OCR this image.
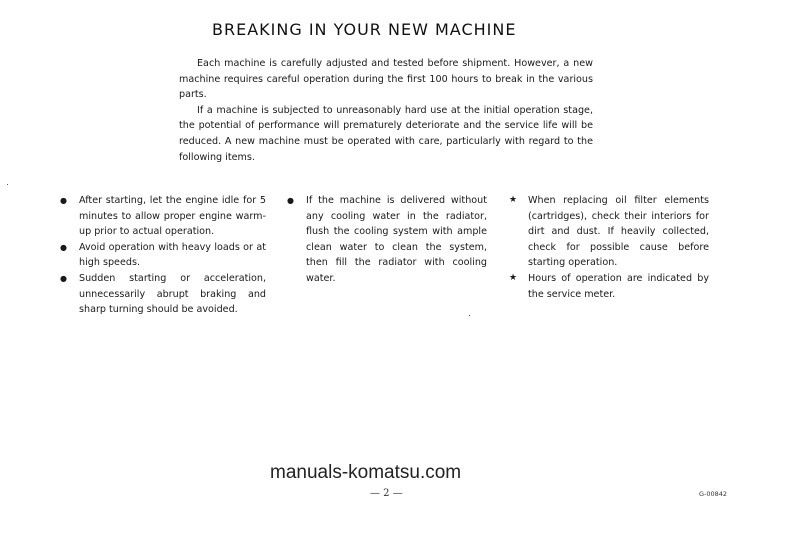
BREAKING IN YOUR NEW MACHINE

Each machine is carefully adjusted and tested before shipment. However, a new machine requires careful operation during the first 100 hours to break in the various parts.

If a machine is subjected to unreasonably hard use at the initial operation stage, the potential of performance will prematurely deteriorate and the service life will be reduced. A new machine must be operated with care, particularly with regard to the following items.

●	After starting, let the engine idle for 5 minutes to allow proper engine warm-up prior to actual operation.
●	Avoid operation with heavy loads or at high speeds.
●	Sudden starting or acceleration, unnecessarily abrupt braking and sharp turning should be avoided.
●	If the machine is delivered without any cooling water in the radiator, flush the cooling system with ample clean water to clean the system, then fill the radiator with cooling water.
★	When replacing oil filter elements (cartridges), check their interiors for dirt and dust. If heavily collected, check for possible cause before starting operation.
★	Hours of operation are indicated by the service meter.
manuals-komatsu.com
— 2 —	G-00842
